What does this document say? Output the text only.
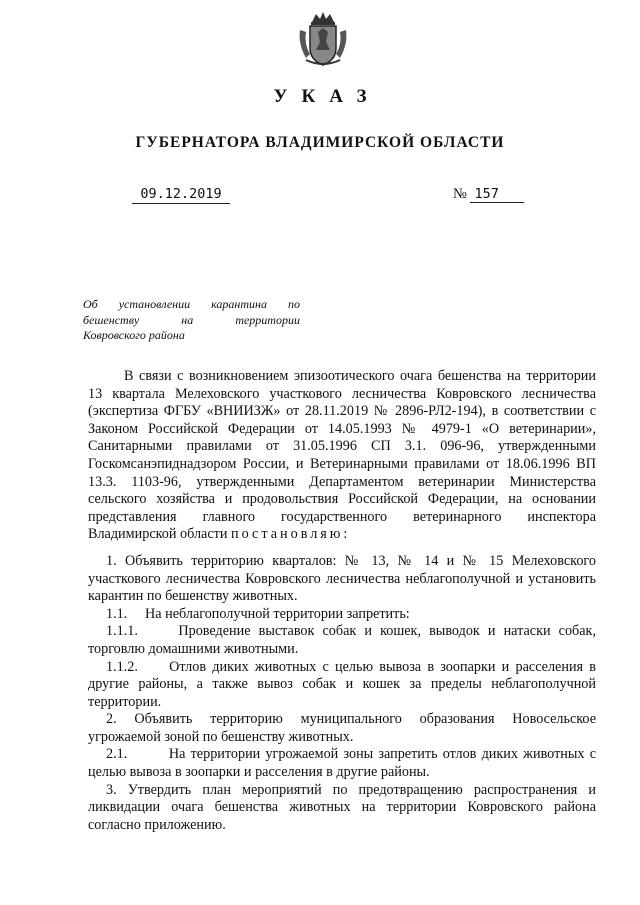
УКАЗ
ГУБЕРНАТОРА ВЛАДИМИРСКОЙ ОБЛАСТИ
09.12.2019	№ 157
Об установлении карантина по
бешенству	на	территории
Ковровского района

В связи с возникновением эпизоотического очага бешенства на территории 13 квартала Мелеховского участкового лесничества Ковровского лесничества (экспертиза ФГБУ «ВНИИЗЖ» от 28.11.2019 № 2896-РЛ2-194), в соответствии с Законом Российской Федерации от 14.05.1993 № 4979-1 «О ветеринарии», Санитарными правилами от 31.05.1996 СП 3.1. 096-96, утвержденными Госкомсанэпиднадзором России, и Ветеринарными правилами от 18.06.1996 ВП 13.3. 1103-96, утвержденными Департаментом ветеринарии Министерства сельского хозяйства и продовольствия Российской Федерации, на основании представления главного государственного ветеринарного инспектора Владимирской области постановляю:

1. Объявить территорию кварталов: № 13, № 14 и № 15 Мелеховского участкового лесничества Ковровского лесничества неблагополучной и установить карантин по бешенству животных.

1.1.     На неблагополучной территории запретить:

1.1.1.     Проведение выставок собак и кошек, выводок и натаски собак, торговлю домашними животными.

1.1.2.     Отлов диких животных с целью вывоза в зоопарки и расселения в другие районы, а также вывоз собак и кошек за пределы неблагополучной территории.

2. Объявить территорию муниципального образования Новосельское угрожаемой зоной по бешенству животных.

2.1.        На территории угрожаемой зоны запретить отлов диких животных с целью вывоза в зоопарки и расселения в другие районы.

3. Утвердить план мероприятий по предотвращению распространения и ликвидации очага бешенства животных на территории Ковровского района согласно приложению.
